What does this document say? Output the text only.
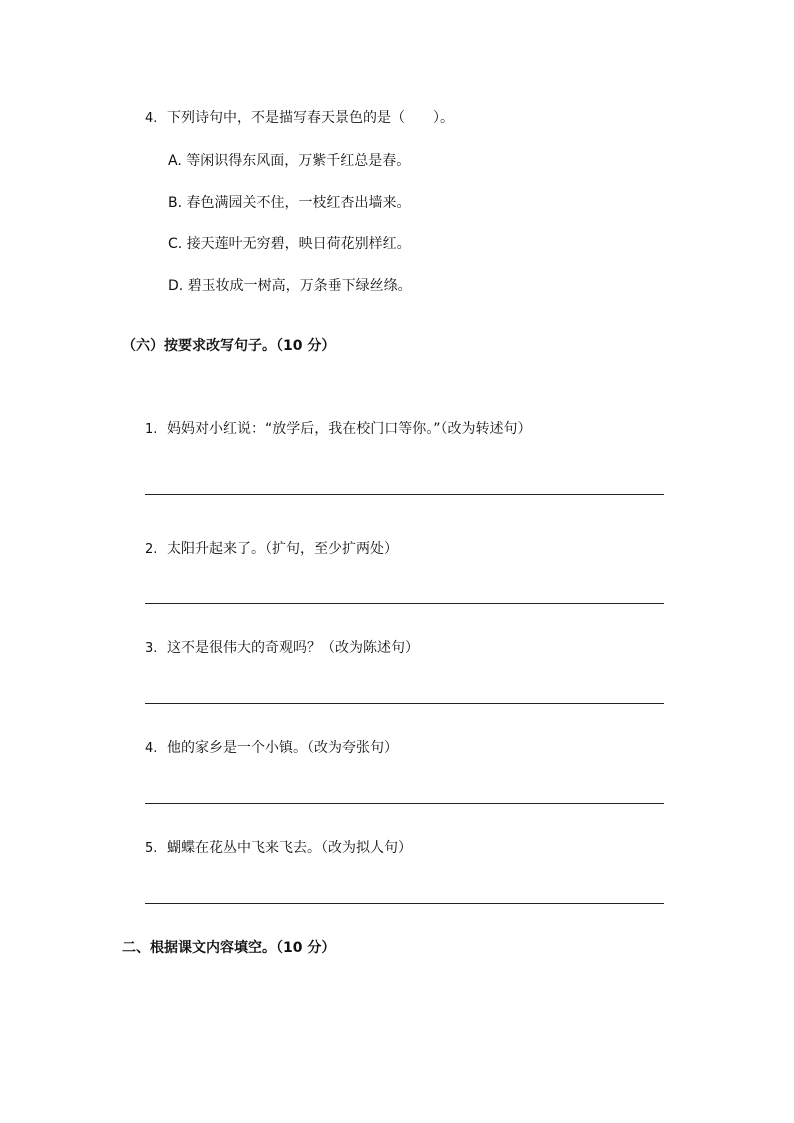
4. 下列诗句中，不是描写春天景色的是（　　）。
A. 等闲识得东风面，万紫千红总是春。
B. 春色满园关不住，一枝红杏出墙来。
C. 接天莲叶无穷碧，映日荷花别样红。
D. 碧玉妆成一树高，万条垂下绿丝绦。
（六）按要求改写句子。（10 分）
1. 妈妈对小红说：“放学后，我在校门口等你。”（改为转述句）
2. 太阳升起来了。（扩句，至少扩两处）
3. 这不是很伟大的奇观吗？（改为陈述句）
4. 他的家乡是一个小镇。（改为夸张句）
5. 蝴蝶在花丛中飞来飞去。（改为拟人句）
二、根据课文内容填空。（10 分）
